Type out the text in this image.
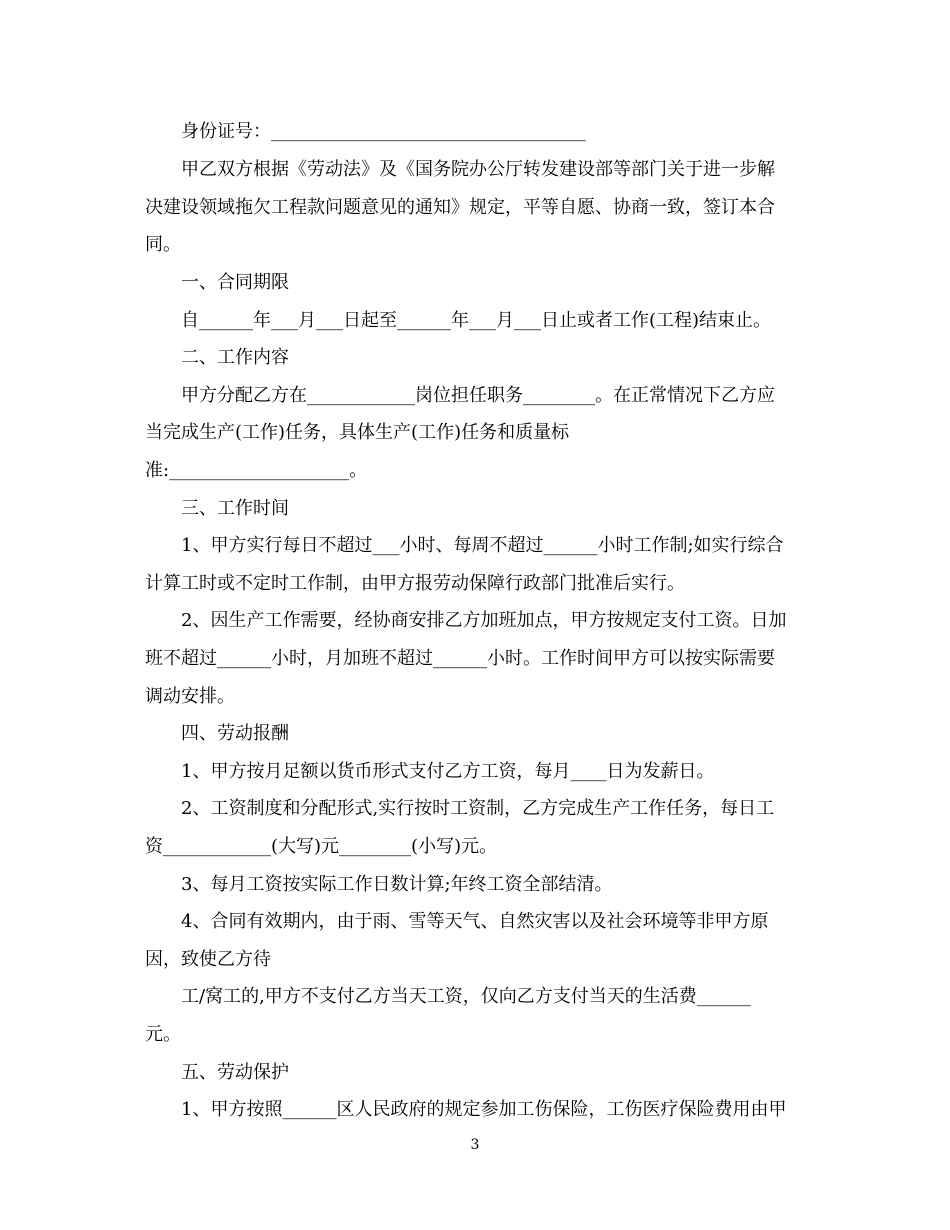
身份证号：___________________________________
甲乙双方根据《劳动法》及《国务院办公厅转发建设部等部门关于进一步解
决建设领域拖欠工程款问题意见的通知》规定，平等自愿、协商一致，签订本合
同。
一、合同期限
自______年___月___日起至______年___月___日止或者工作(工程)结束止。
二、工作内容
甲方分配乙方在____________岗位担任职务________。在正常情况下乙方应
当完成生产(工作)任务，具体生产(工作)任务和质量标
准:____________________。
三、工作时间
1、甲方实行每日不超过___小时、每周不超过______小时工作制;如实行综合
计算工时或不定时工作制，由甲方报劳动保障行政部门批准后实行。
2、因生产工作需要，经协商安排乙方加班加点，甲方按规定支付工资。日加
班不超过______小时，月加班不超过______小时。工作时间甲方可以按实际需要
调动安排。
四、劳动报酬
1、甲方按月足额以货币形式支付乙方工资，每月____日为发薪日。
2、工资制度和分配形式,实行按时工资制，乙方完成生产工作任务，每日工
资____________(大写)元________(小写)元。
3、每月工资按实际工作日数计算;年终工资全部结清。
4、合同有效期内，由于雨、雪等天气、自然灾害以及社会环境等非甲方原
因，致使乙方待
工/窝工的,甲方不支付乙方当天工资，仅向乙方支付当天的生活费______
元。
五、劳动保护
1、甲方按照______区人民政府的规定参加工伤保险，工伤医疗保险费用由甲
3
